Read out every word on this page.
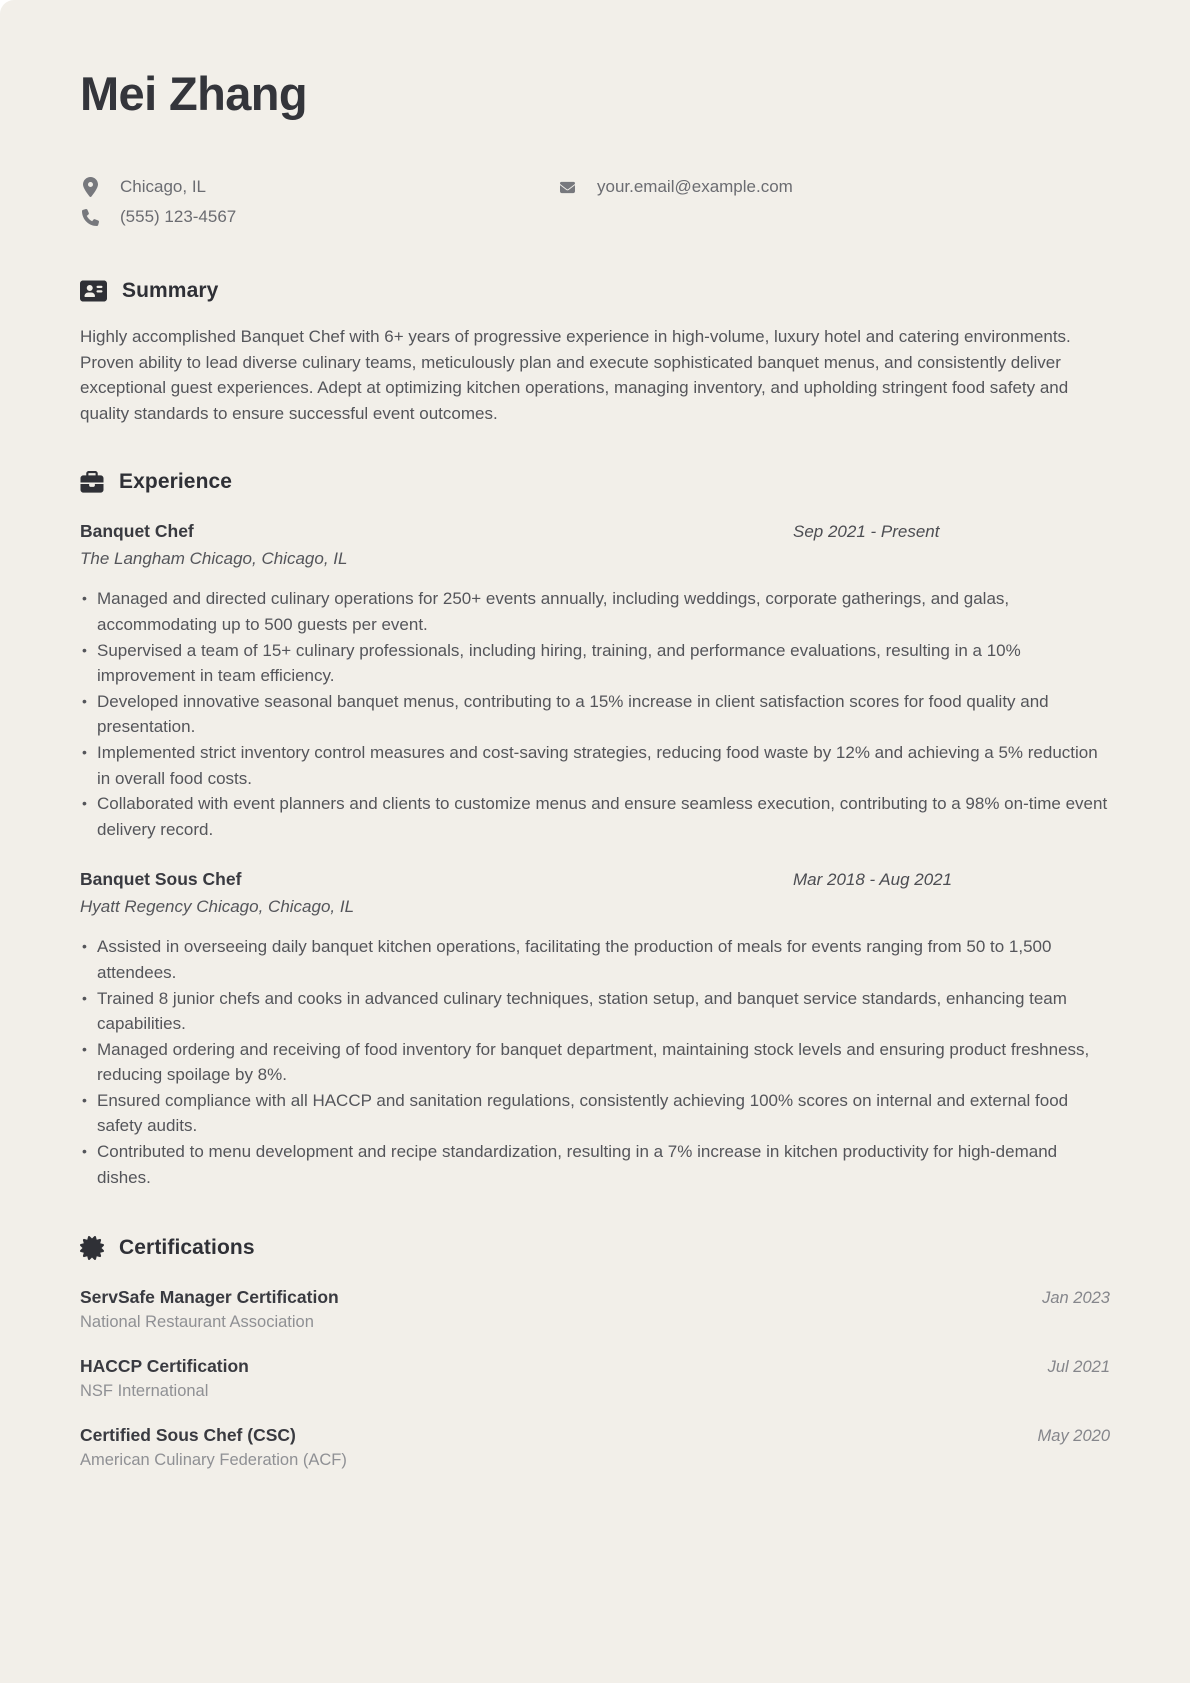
Mei Zhang
Chicago, IL	your.email@example.com
(555) 123-4567
Summary

Highly accomplished Banquet Chef with 6+ years of progressive experience in high-volume, luxury hotel and catering environments. Proven ability to lead diverse culinary teams, meticulously plan and execute sophisticated banquet menus, and consistently deliver exceptional guest experiences. Adept at optimizing kitchen operations, managing inventory, and upholding stringent food safety and quality standards to ensure successful event outcomes.

Experience
Banquet Chef	Sep 2021 - Present
The Langham Chicago, Chicago, IL
• Managed and directed culinary operations for 250+ events annually, including weddings, corporate gatherings, and galas, accommodating up to 500 guests per event.
• Supervised a team of 15+ culinary professionals, including hiring, training, and performance evaluations, resulting in a 10% improvement in team efficiency.
• Developed innovative seasonal banquet menus, contributing to a 15% increase in client satisfaction scores for food quality and presentation.
• Implemented strict inventory control measures and cost-saving strategies, reducing food waste by 12% and achieving a 5% reduction in overall food costs.
• Collaborated with event planners and clients to customize menus and ensure seamless execution, contributing to a 98% on-time event delivery record.
Banquet Sous Chef	Mar 2018 - Aug 2021
Hyatt Regency Chicago, Chicago, IL
• Assisted in overseeing daily banquet kitchen operations, facilitating the production of meals for events ranging from 50 to 1,500 attendees.
• Trained 8 junior chefs and cooks in advanced culinary techniques, station setup, and banquet service standards, enhancing team capabilities.
• Managed ordering and receiving of food inventory for banquet department, maintaining stock levels and ensuring product freshness, reducing spoilage by 8%.
• Ensured compliance with all HACCP and sanitation regulations, consistently achieving 100% scores on internal and external food safety audits.
• Contributed to menu development and recipe standardization, resulting in a 7% increase in kitchen productivity for high-demand dishes.
Certifications
ServSafe Manager Certification	Jan 2023
National Restaurant Association
HACCP Certification	Jul 2021
NSF International
Certified Sous Chef (CSC)	May 2020
American Culinary Federation (ACF)
